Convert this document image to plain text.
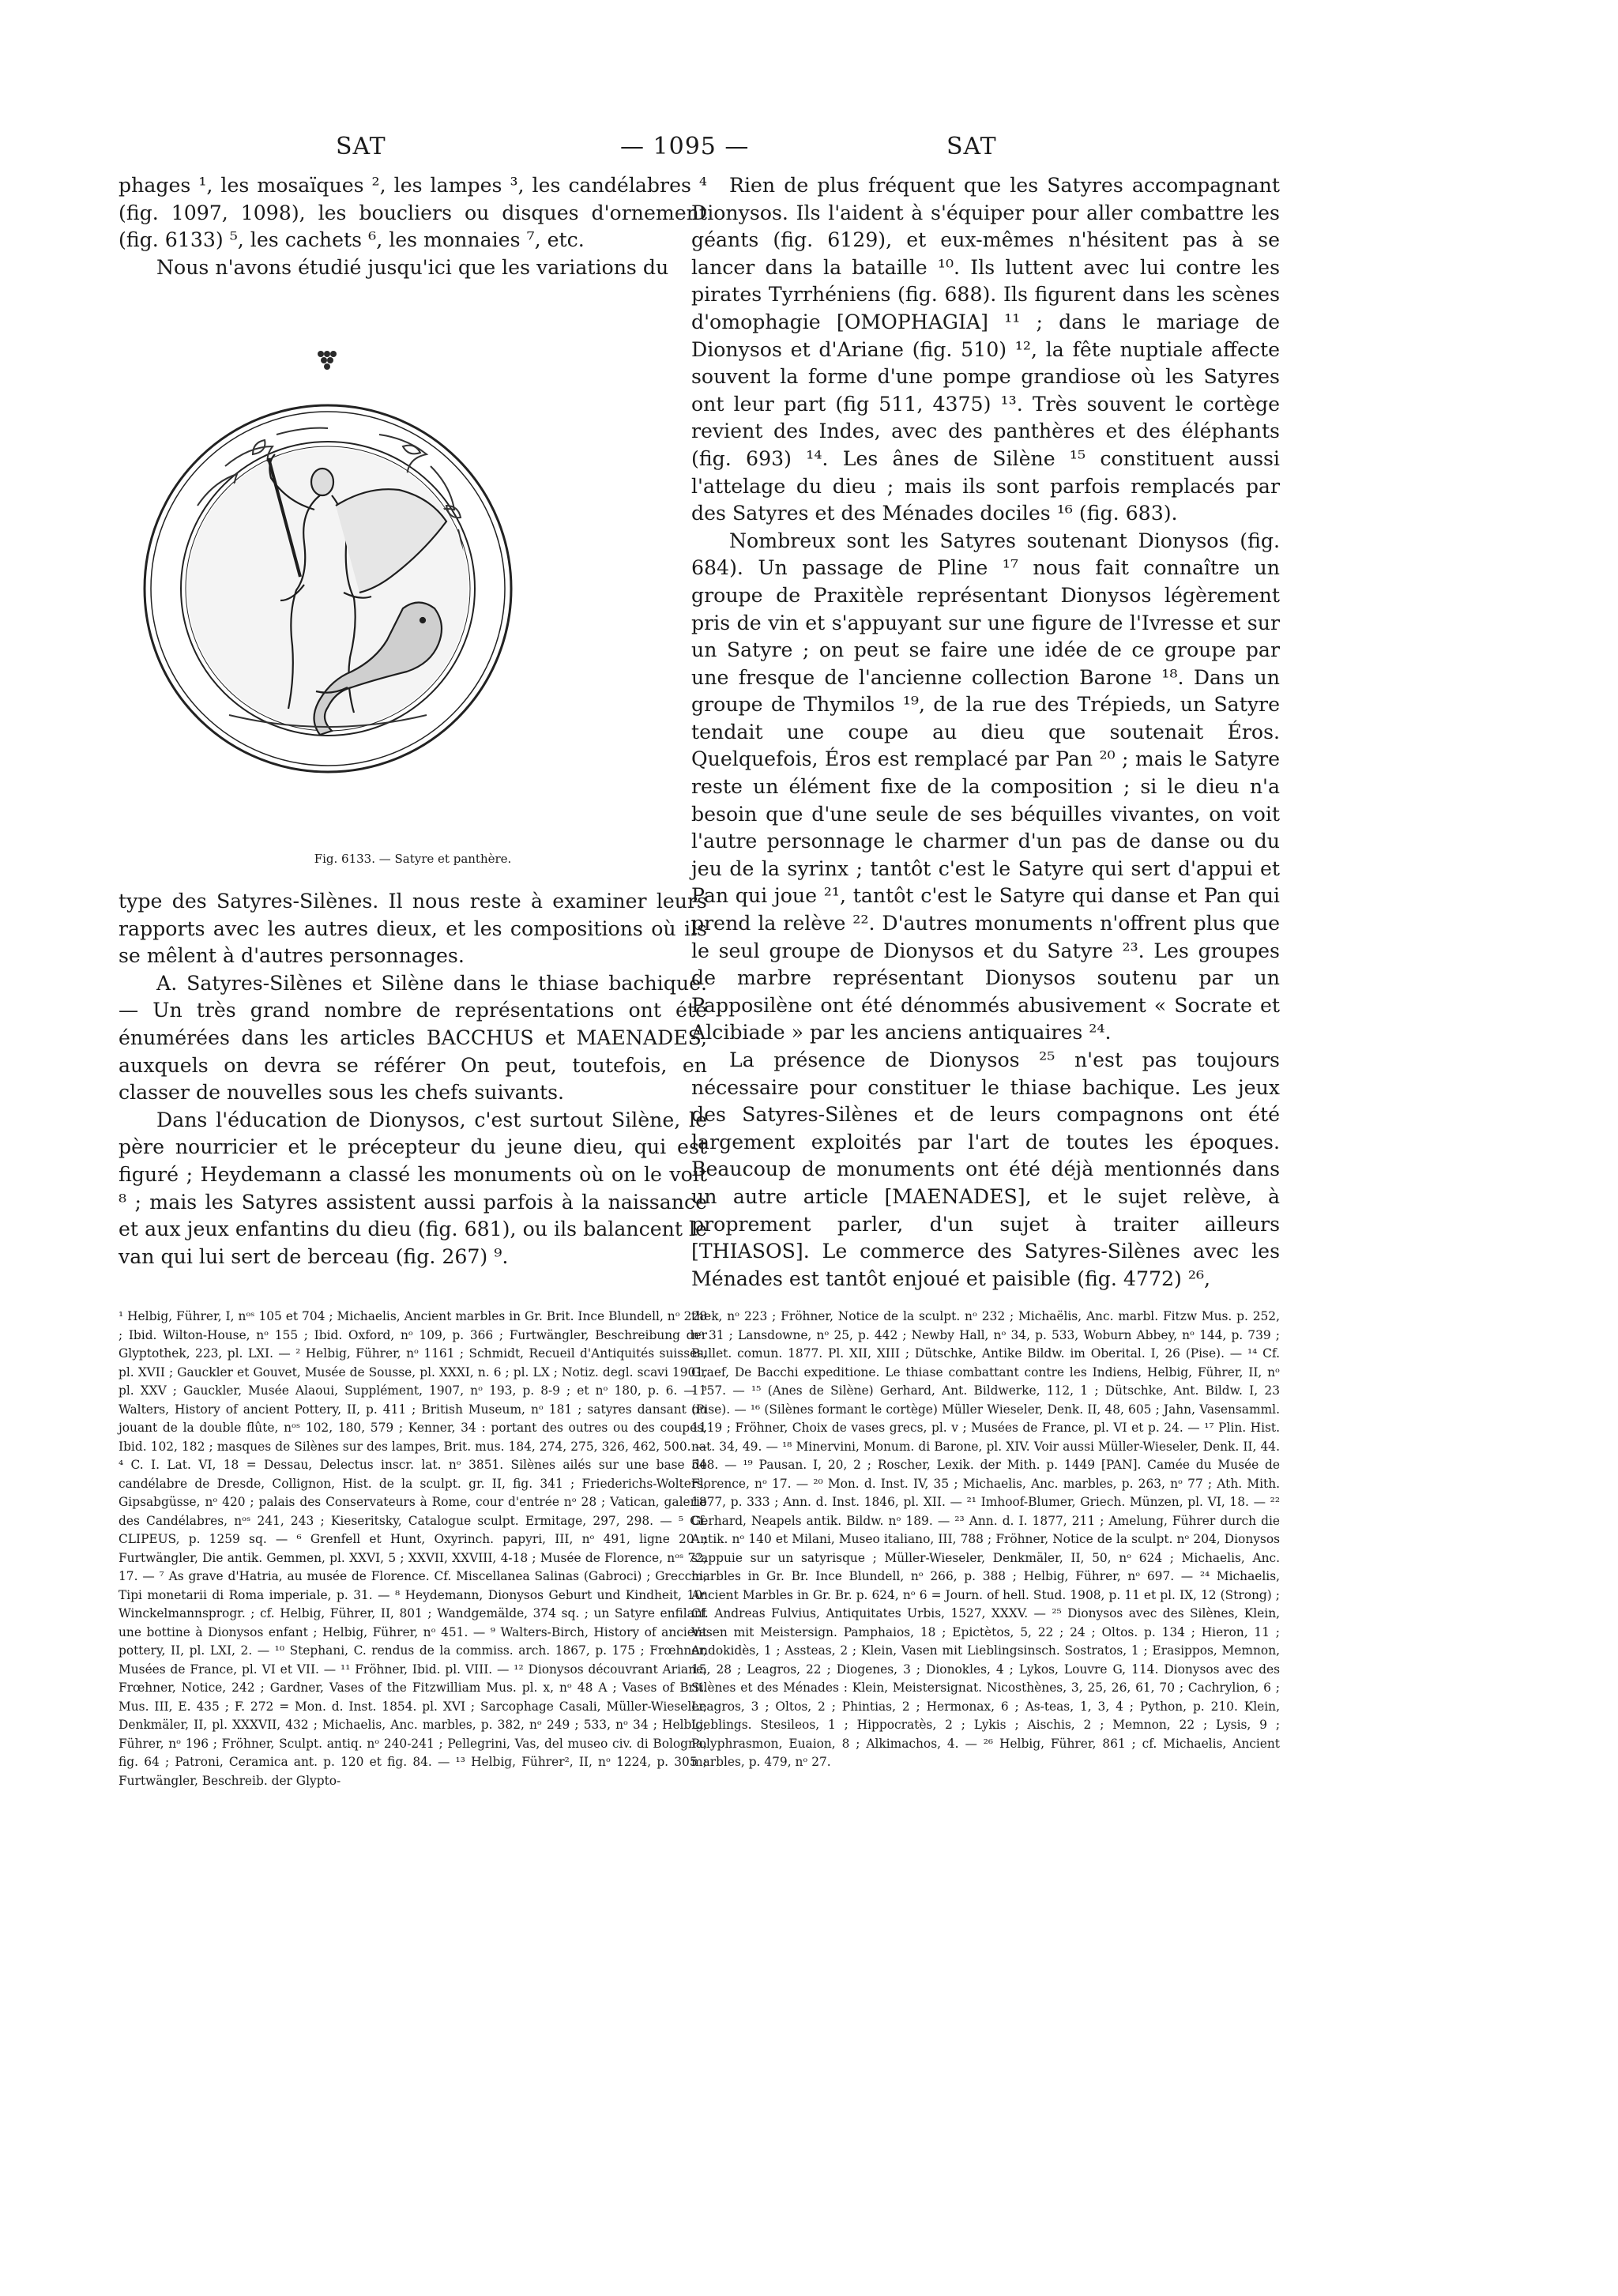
SAT	— 1095 —	SAT

phages ¹, les mosaïques ², les lampes ³, les candélabres ⁴ (fig. 1097, 1098), les boucliers ou disques d'ornement (fig. 6133) ⁵, les cachets ⁶, les monnaies ⁷, etc.

Nous n'avons étudié jusqu'ici que les variations du

Fig. 6133. — Satyre et panthère.

type des Satyres-Silènes. Il nous reste à examiner leurs rapports avec les autres dieux, et les compositions où ils se mêlent à d'autres personnages.

A. Satyres-Silènes et Silène dans le thiase bachique. — Un très grand nombre de représentations ont été énumérées dans les articles BACCHUS et MAENADES, auxquels on devra se référer On peut, toutefois, en classer de nouvelles sous les chefs suivants.

Dans l'éducation de Dionysos, c'est surtout Silène, le père nourricier et le précepteur du jeune dieu, qui est figuré ; Heydemann a classé les monuments où on le voit ⁸ ; mais les Satyres assistent aussi parfois à la naissance et aux jeux enfantins du dieu (fig. 681), ou ils balancent le van qui lui sert de berceau (fig. 267) ⁹.

¹ Helbig, Führer, I, nᵒˢ 105 et 704 ; Michaelis, Ancient marbles in Gr. Brit. Ince Blundell, nᵒ 228 ; Ibid. Wilton-House, nᵒ 155 ; Ibid. Oxford, nᵒ 109, p. 366 ; Furtwängler, Beschreibung der Glyptothek, 223, pl. LXI. — ² Helbig, Führer, nᵒ 1161 ; Schmidt, Recueil d'Antiquités suisses, pl. XVII ; Gauckler et Gouvet, Musée de Sousse, pl. XXXI, n. 6 ; pl. LX ; Notiz. degl. scavi 1901, pl. XXV ; Gauckler, Musée Alaoui, Supplément, 1907, nᵒ 193, p. 8-9 ; et nᵒ 180, p. 6. — ³ Walters, History of ancient Pottery, II, p. 411 ; British Museum, nᵒ 181 ; satyres dansant ou jouant de la double flûte, nᵒˢ 102, 180, 579 ; Kenner, 34 : portant des outres ou des coupes, Ibid. 102, 182 ; masques de Silènes sur des lampes, Brit. mus. 184, 274, 275, 326, 462, 500. — ⁴ C. I. Lat. VI, 18 = Dessau, Delectus inscr. lat. nᵒ 3851. Silènes ailés sur une base de candélabre de Dresde, Collignon, Hist. de la sculpt. gr. II, fig. 341 ; Friederichs-Wolters, Gipsabgüsse, nᵒ 420 ; palais des Conservateurs à Rome, cour d'entrée nᵒ 28 ; Vatican, galerie des Candélabres, nᵒˢ 241, 243 ; Kieseritsky, Catalogue sculpt. Ermitage, 297, 298. — ⁵ Cf. CLIPEUS, p. 1259 sq. — ⁶ Grenfell et Hunt, Oxyrinch. papyri, III, nᵒ 491, ligne 20 ; Furtwängler, Die antik. Gemmen, pl. XXVI, 5 ; XXVII, XXVIII, 4-18 ; Musée de Florence, nᵒˢ 72, 17. — ⁷ As grave d'Hatria, au musée de Florence. Cf. Miscellanea Salinas (Gabroci) ; Grecchi, Tipi monetarii di Roma imperiale, p. 31. — ⁸ Heydemann, Dionysos Geburt und Kindheit, 10ᵉ Winckelmannsprogr. ; cf. Helbig, Führer, II, 801 ; Wandgemälde, 374 sq. ; un Satyre enfilant une bottine à Dionysos enfant ; Helbig, Führer, nᵒ 451. — ⁹ Walters-Birch, History of ancient pottery, II, pl. LXI, 2. — ¹⁰ Stephani, C. rendus de la commiss. arch. 1867, p. 175 ; Frœhner, Musées de France, pl. VI et VII. — ¹¹ Fröhner, Ibid. pl. VIII. — ¹² Dionysos découvrant Ariane, Frœhner, Notice, 242 ; Gardner, Vases of the Fitzwilliam Mus. pl. x, nᵒ 48 A ; Vases of Brit. Mus. III, E. 435 ; F. 272 = Mon. d. Inst. 1854. pl. XVI ; Sarcophage Casali, Müller-Wieseler, Denkmäler, II, pl. XXXVII, 432 ; Michaelis, Anc. marbles, p. 382, nᵒ 249 ; 533, nᵒ 34 ; Helbig, Führer, nᵒ 196 ; Fröhner, Sculpt. antiq. nᵒ 240-241 ; Pellegrini, Vas, del museo civ. di Bologna, fig. 64 ; Patroni, Ceramica ant. p. 120 et fig. 84. — ¹³ Helbig, Führer², II, nᵒ 1224, p. 305 ; Furtwängler, Beschreib. der Glypto-

Rien de plus fréquent que les Satyres accompagnant Dionysos. Ils l'aident à s'équiper pour aller combattre les géants (fig. 6129), et eux-mêmes n'hésitent pas à se lancer dans la bataille ¹⁰. Ils luttent avec lui contre les pirates Tyrrhéniens (fig. 688). Ils figurent dans les scènes d'omophagie [OMOPHAGIA] ¹¹ ; dans le mariage de Dionysos et d'Ariane (fig. 510) ¹², la fête nuptiale affecte souvent la forme d'une pompe grandiose où les Satyres ont leur part (fig 511, 4375) ¹³. Très souvent le cortège revient des Indes, avec des panthères et des éléphants (fig. 693) ¹⁴. Les ânes de Silène ¹⁵ constituent aussi l'attelage du dieu ; mais ils sont parfois remplacés par des Satyres et des Ménades dociles ¹⁶ (fig. 683).

Nombreux sont les Satyres soutenant Dionysos (fig. 684). Un passage de Pline ¹⁷ nous fait connaître un groupe de Praxitèle représentant Dionysos légèrement pris de vin et s'appuyant sur une figure de l'Ivresse et sur un Satyre ; on peut se faire une idée de ce groupe par une fresque de l'ancienne collection Barone ¹⁸. Dans un groupe de Thymilos ¹⁹, de la rue des Trépieds, un Satyre tendait une coupe au dieu que soutenait Éros. Quelquefois, Éros est remplacé par Pan ²⁰ ; mais le Satyre reste un élément fixe de la composition ; si le dieu n'a besoin que d'une seule de ses béquilles vivantes, on voit l'autre personnage le charmer d'un pas de danse ou du jeu de la syrinx ; tantôt c'est le Satyre qui sert d'appui et Pan qui joue ²¹, tantôt c'est le Satyre qui danse et Pan qui prend la relève ²². D'autres monuments n'offrent plus que le seul groupe de Dionysos et du Satyre ²³. Les groupes de marbre représentant Dionysos soutenu par un Papposilène ont été dénommés abusivement « Socrate et Alcibiade » par les anciens antiquaires ²⁴.

La présence de Dionysos ²⁵ n'est pas toujours nécessaire pour constituer le thiase bachique. Les jeux des Satyres-Silènes et de leurs compagnons ont été largement exploités par l'art de toutes les époques. Beaucoup de monuments ont été déjà mentionnés dans un autre article [MAENADES], et le sujet relève, à proprement parler, d'un sujet à traiter ailleurs [THIASOS]. Le commerce des Satyres-Silènes avec les Ménades est tantôt enjoué et paisible (fig. 4772) ²⁶,

thek, nᵒ 223 ; Fröhner, Notice de la sculpt. nᵒ 232 ; Michaëlis, Anc. marbl. Fitzw Mus. p. 252, nᵒ 31 ; Lansdowne, nᵒ 25, p. 442 ; Newby Hall, nᵒ 34, p. 533, Woburn Abbey, nᵒ 144, p. 739 ; Bullet. comun. 1877. Pl. XII, XIII ; Dütschke, Antike Bildw. im Oberital. I, 26 (Pise). — ¹⁴ Cf. Graef, De Bacchi expeditione. Le thiase combattant contre les Indiens, Helbig, Führer, II, nᵒ 1157. — ¹⁵ (Anes de Silène) Gerhard, Ant. Bildwerke, 112, 1 ; Dütschke, Ant. Bildw. I, 23 (Pise). — ¹⁶ (Silènes formant le cortège) Müller Wieseler, Denk. II, 48, 605 ; Jahn, Vasensamml. 1119 ; Fröhner, Choix de vases grecs, pl. v ; Musées de France, pl. VI et p. 24. — ¹⁷ Plin. Hist. nat. 34, 49. — ¹⁸ Minervini, Monum. di Barone, pl. XIV. Voir aussi Müller-Wieseler, Denk. II, 44. 548. — ¹⁹ Pausan. I, 20, 2 ; Roscher, Lexik. der Mith. p. 1449 [PAN]. Camée du Musée de Florence, nᵒ 17. — ²⁰ Mon. d. Inst. IV, 35 ; Michaelis, Anc. marbles, p. 263, nᵒ 77 ; Ath. Mith. 1877, p. 333 ; Ann. d. Inst. 1846, pl. XII. — ²¹ Imhoof-Blumer, Griech. Münzen, pl. VI, 18. — ²² Gerhard, Neapels antik. Bildw. nᵒ 189. — ²³ Ann. d. I. 1877, 211 ; Amelung, Führer durch die Antik. nᵒ 140 et Milani, Museo italiano, III, 788 ; Fröhner, Notice de la sculpt. nᵒ 204, Dionysos s'appuie sur un satyrisque ; Müller-Wieseler, Denkmäler, II, 50, nᵒ 624 ; Michaelis, Anc. marbles in Gr. Br. Ince Blundell, nᵒ 266, p. 388 ; Helbig, Führer, nᵒ 697. — ²⁴ Michaelis, Ancient Marbles in Gr. Br. p. 624, nᵒ 6 = Journ. of hell. Stud. 1908, p. 11 et pl. IX, 12 (Strong) ; Cf. Andreas Fulvius, Antiquitates Urbis, 1527, XXXV. — ²⁵ Dionysos avec des Silènes, Klein, Vasen mit Meistersign. Pamphaios, 18 ; Epictètos, 5, 22 ; 24 ; Oltos. p. 134 ; Hieron, 11 ; Andokidès, 1 ; Assteas, 2 ; Klein, Vasen mit Lieblingsinsch. Sostratos, 1 ; Erasippos, Memnon, 15, 28 ; Leagros, 22 ; Diogenes, 3 ; Dionokles, 4 ; Lykos, Louvre G, 114. Dionysos avec des Silènes et des Ménades : Klein, Meistersignat. Nicosthènes, 3, 25, 26, 61, 70 ; Cachrylion, 6 ; Leagros, 3 ; Oltos, 2 ; Phintias, 2 ; Hermonax, 6 ; As-teas, 1, 3, 4 ; Python, p. 210. Klein, Lieblings. Stesileos, 1 ; Hippocratès, 2 ; Lykis ; Aischis, 2 ; Memnon, 22 ; Lysis, 9 ; Polyphrasmon, Euaion, 8 ; Alkimachos, 4. — ²⁶ Helbig, Führer, 861 ; cf. Michaelis, Ancient marbles, p. 479, nᵒ 27.
